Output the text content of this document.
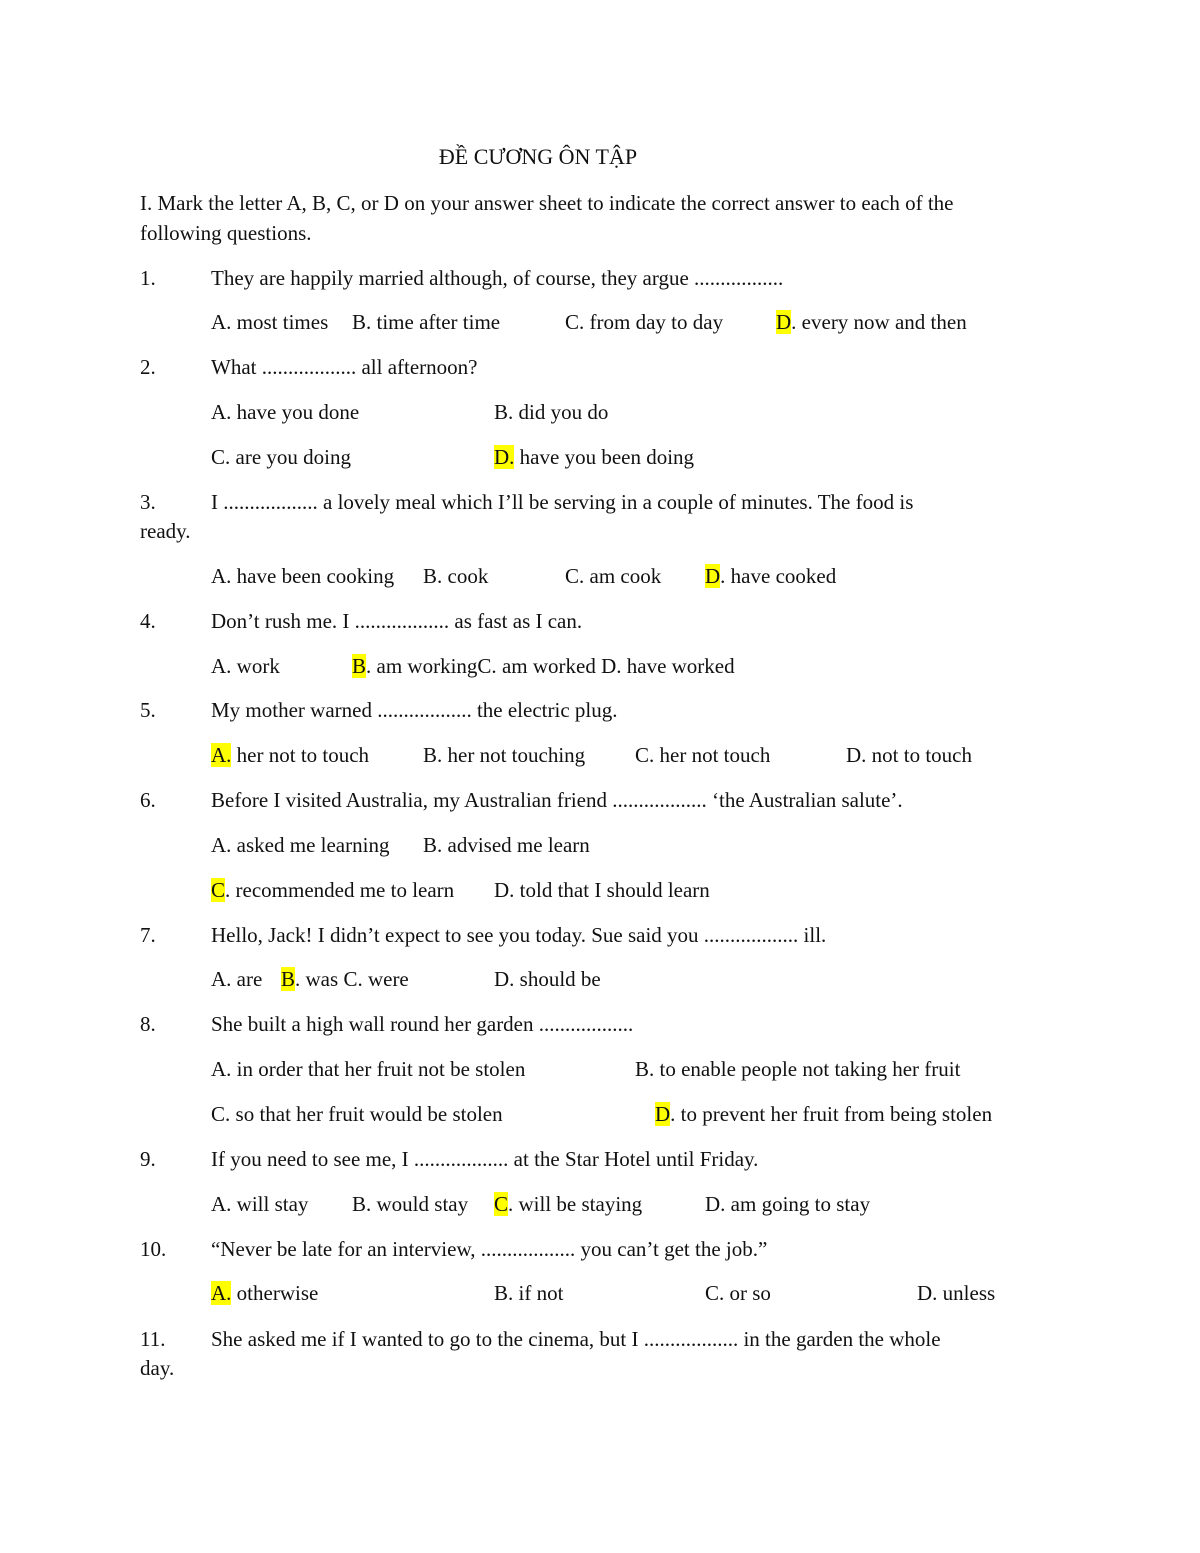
ĐỀ CƯƠNG ÔN TẬP
I. Mark the letter A, B, C, or D on your answer sheet to indicate the correct answer to each of the
following questions.
1.	They are happily married although, of course, they argue .................
A. most times B. time after time	C. from day to day	D. every now and then
2.	What .................. all afternoon?
A. have you done	B. did you do
C. are you doing	D. have you been doing
3.	I .................. a lovely meal which I’ll be serving in a couple of minutes. The food is
ready.
A. have been cooking B. cook	C. am cook D. have cooked
4.	Don’t rush me. I .................. as fast as I can.
A. work	B. am workingC. am worked D. have worked
5.	My mother warned .................. the electric plug.
A. her not to touch	B. her not touching C. her not touch	D. not to touch
6.	Before I visited Australia, my Australian friend .................. ‘the Australian salute’.
A. asked me learning B. advised me learn
C. recommended me to learn D. told that I should learn
7.	Hello, Jack! I didn’t expect to see you today. Sue said you .................. ill.
A. are B. was C. were	D. should be
8.	She built a high wall round her garden ..................
A. in order that her fruit not be stolen	B. to enable people not taking her fruit
C. so that her fruit would be stolen	D. to prevent her fruit from being stolen
9.	If you need to see me, I .................. at the Star Hotel until Friday.
A. will stay B. would stay C. will be staying	D. am going to stay
10. “Never be late for an interview, .................. you can’t get the job.”
A. otherwise	B. if not	C. or so	D. unless
11. She asked me if I wanted to go to the cinema, but I .................. in the garden the whole
day.
